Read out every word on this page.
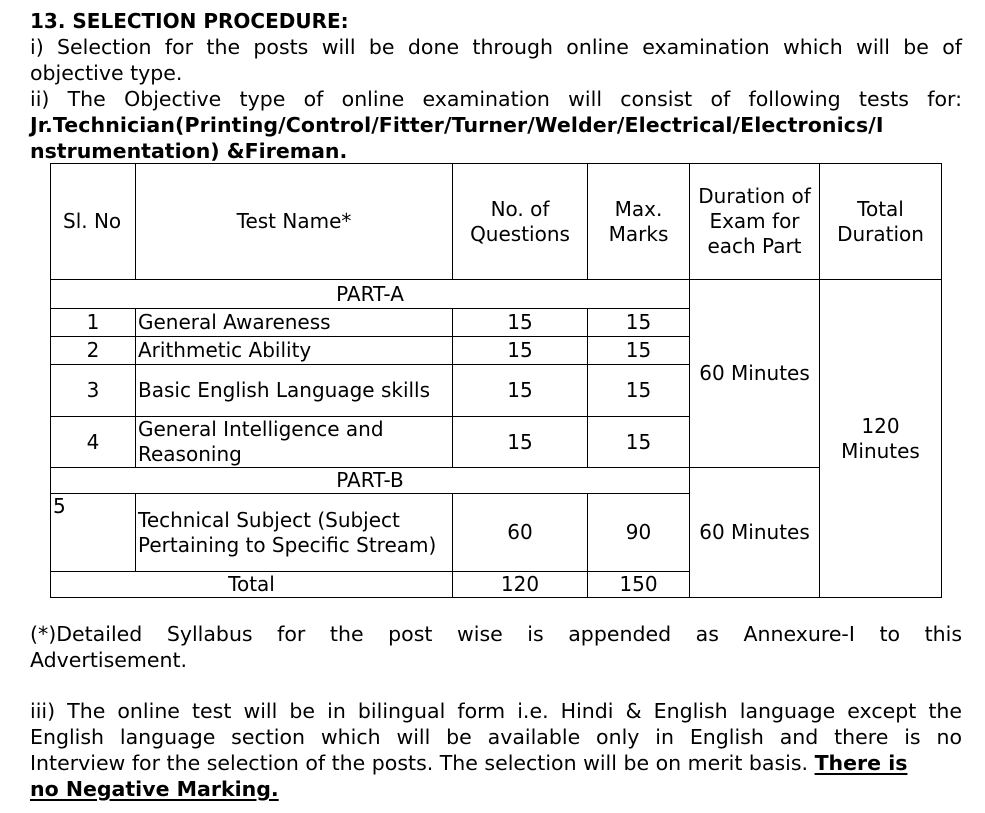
13. SELECTION PROCEDURE:
i) Selection for the posts will be done through online examination which will be of
objective type.
ii) The Objective type of online examination will consist of following tests for:
Jr.Technician(Printing/Control/Fitter/Turner/Welder/Electrical/Electronics/I
nstrumentation) &Fireman.
Sl. No	Test Name*	No. of Questions	Max. Marks	Duration of Exam for each Part	Total Duration
PART-A				60 Minutes	120 Minutes
1	General Awareness	15	15		
2	Arithmetic Ability	15	15		
3	Basic English Language skills	15	15		
4	General Intelligence and Reasoning	15	15		
PART-B				60 Minutes	
5	Technical Subject (Subject Pertaining to Specific Stream)	60	90		
Total		120	150		
(*)Detailed Syllabus for the post wise is appended as Annexure-I to this
Advertisement.
iii) The online test will be in bilingual form i.e. Hindi & English language except the
English language section which will be available only in English and there is no
Interview for the selection of the posts. The selection will be on merit basis. There is
no Negative Marking.
